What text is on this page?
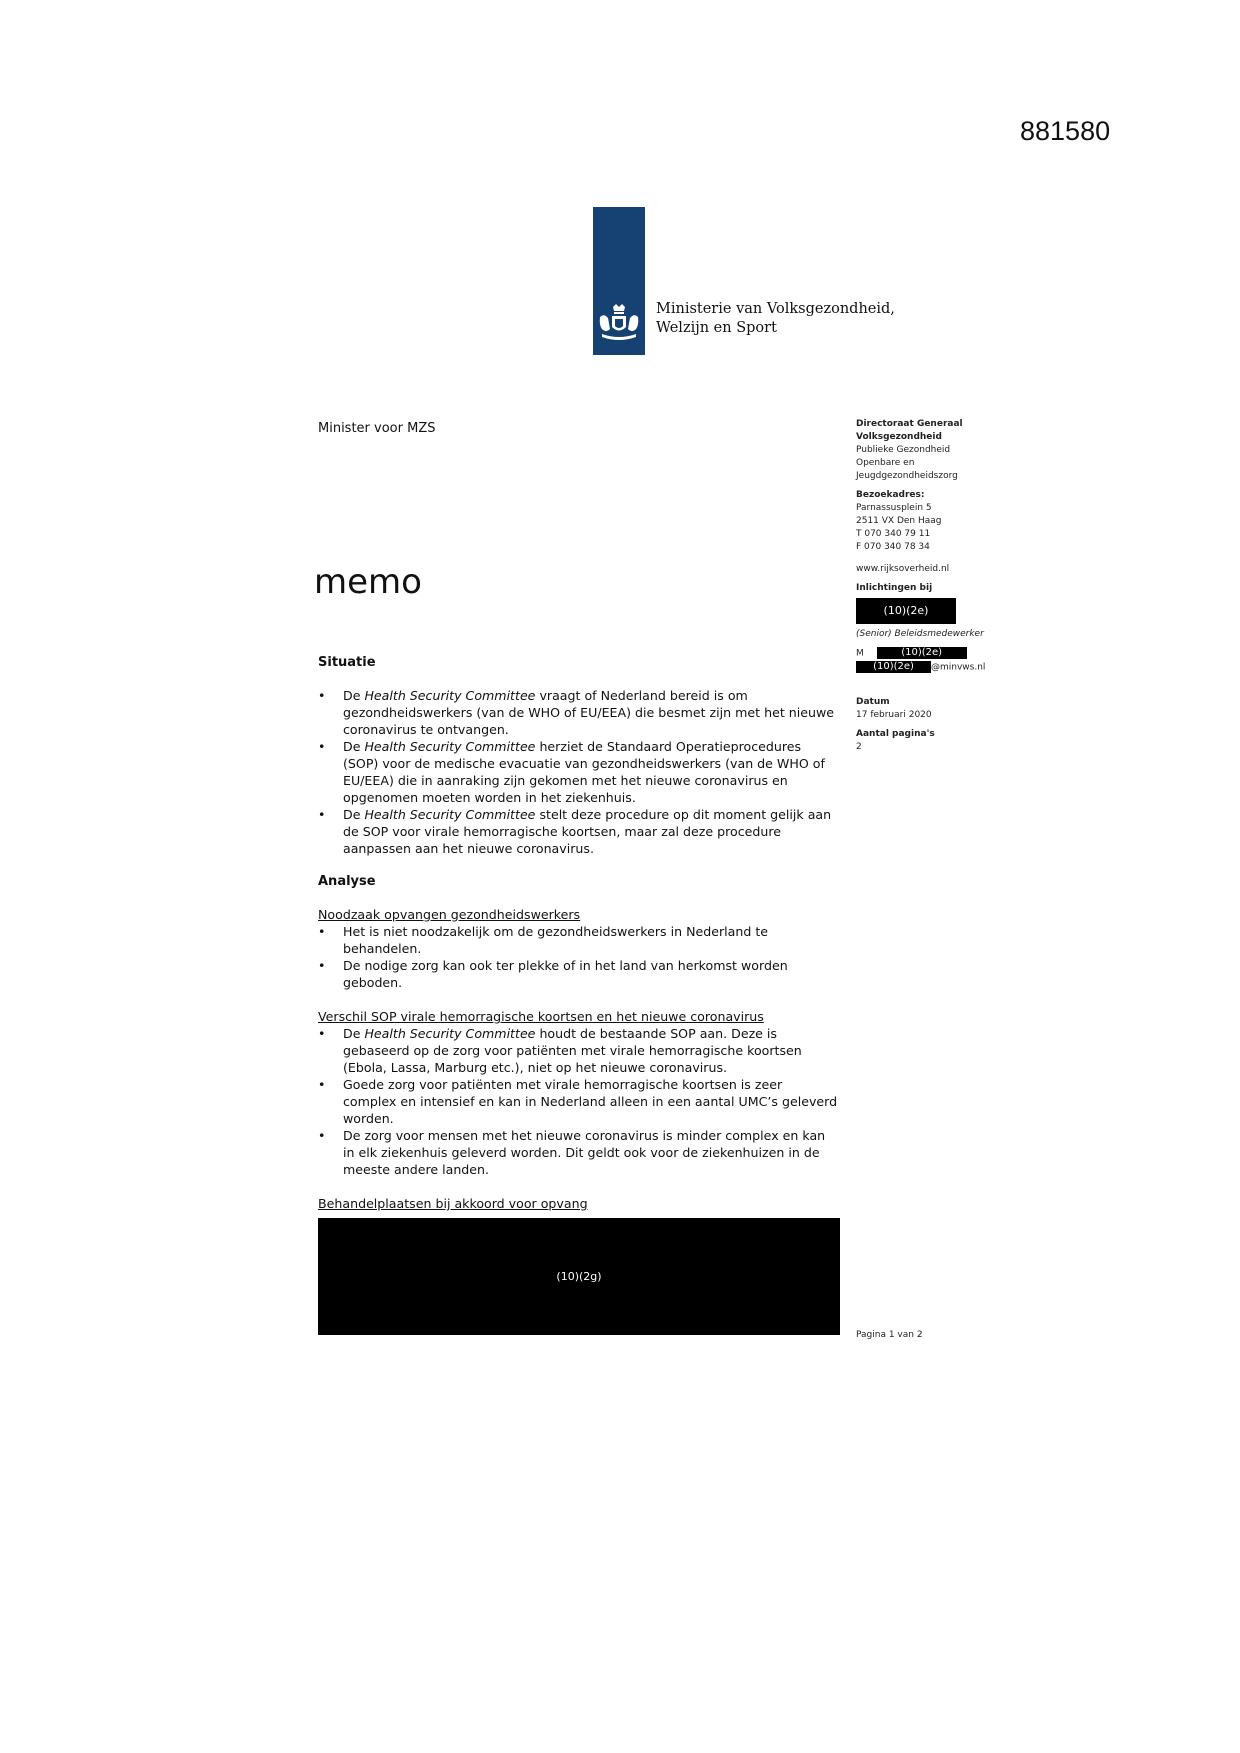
881580
Ministerie van Volksgezondheid,
Welzijn en Sport
Minister voor MZS
memo
Directoraat Generaal
Volksgezondheid
Publieke Gezondheid
Openbare en
Jeugdgezondheidszorg
Bezoekadres:
Parnassusplein 5
2511 VX Den Haag
T 070 340 79 11
F 070 340 78 34
www.rijksoverheid.nl
Inlichtingen bij
(10)(2e)
(Senior) Beleidsmedewerker
M	(10)(2e)
(10)(2e) @minvws.nl
Datum
17 februari 2020
Aantal pagina's
2
Situatie
• De Health Security Committee vraagt of Nederland bereid is om gezondheidswerkers (van de WHO of EU/EEA) die besmet zijn met het nieuwe coronavirus te ontvangen.
• De Health Security Committee herziet de Standaard Operatieprocedures (SOP) voor de medische evacuatie van gezondheidswerkers (van de WHO of EU/EEA) die in aanraking zijn gekomen met het nieuwe coronavirus en opgenomen moeten worden in het ziekenhuis.
• De Health Security Committee stelt deze procedure op dit moment gelijk aan de SOP voor virale hemorragische koortsen, maar zal deze procedure aanpassen aan het nieuwe coronavirus.
Analyse
Noodzaak opvangen gezondheidswerkers
• Het is niet noodzakelijk om de gezondheidswerkers in Nederland te behandelen.
• De nodige zorg kan ook ter plekke of in het land van herkomst worden geboden.
Verschil SOP virale hemorragische koortsen en het nieuwe coronavirus
• De Health Security Committee houdt de bestaande SOP aan. Deze is gebaseerd op de zorg voor patiënten met virale hemorragische koortsen (Ebola, Lassa, Marburg etc.), niet op het nieuwe coronavirus.
• Goede zorg voor patiënten met virale hemorragische koortsen is zeer complex en intensief en kan in Nederland alleen in een aantal UMC’s geleverd worden.
• De zorg voor mensen met het nieuwe coronavirus is minder complex en kan in elk ziekenhuis geleverd worden. Dit geldt ook voor de ziekenhuizen in de meeste andere landen.
Behandelplaatsen bij akkoord voor opvang
(10)(2g)
Pagina 1 van 2
